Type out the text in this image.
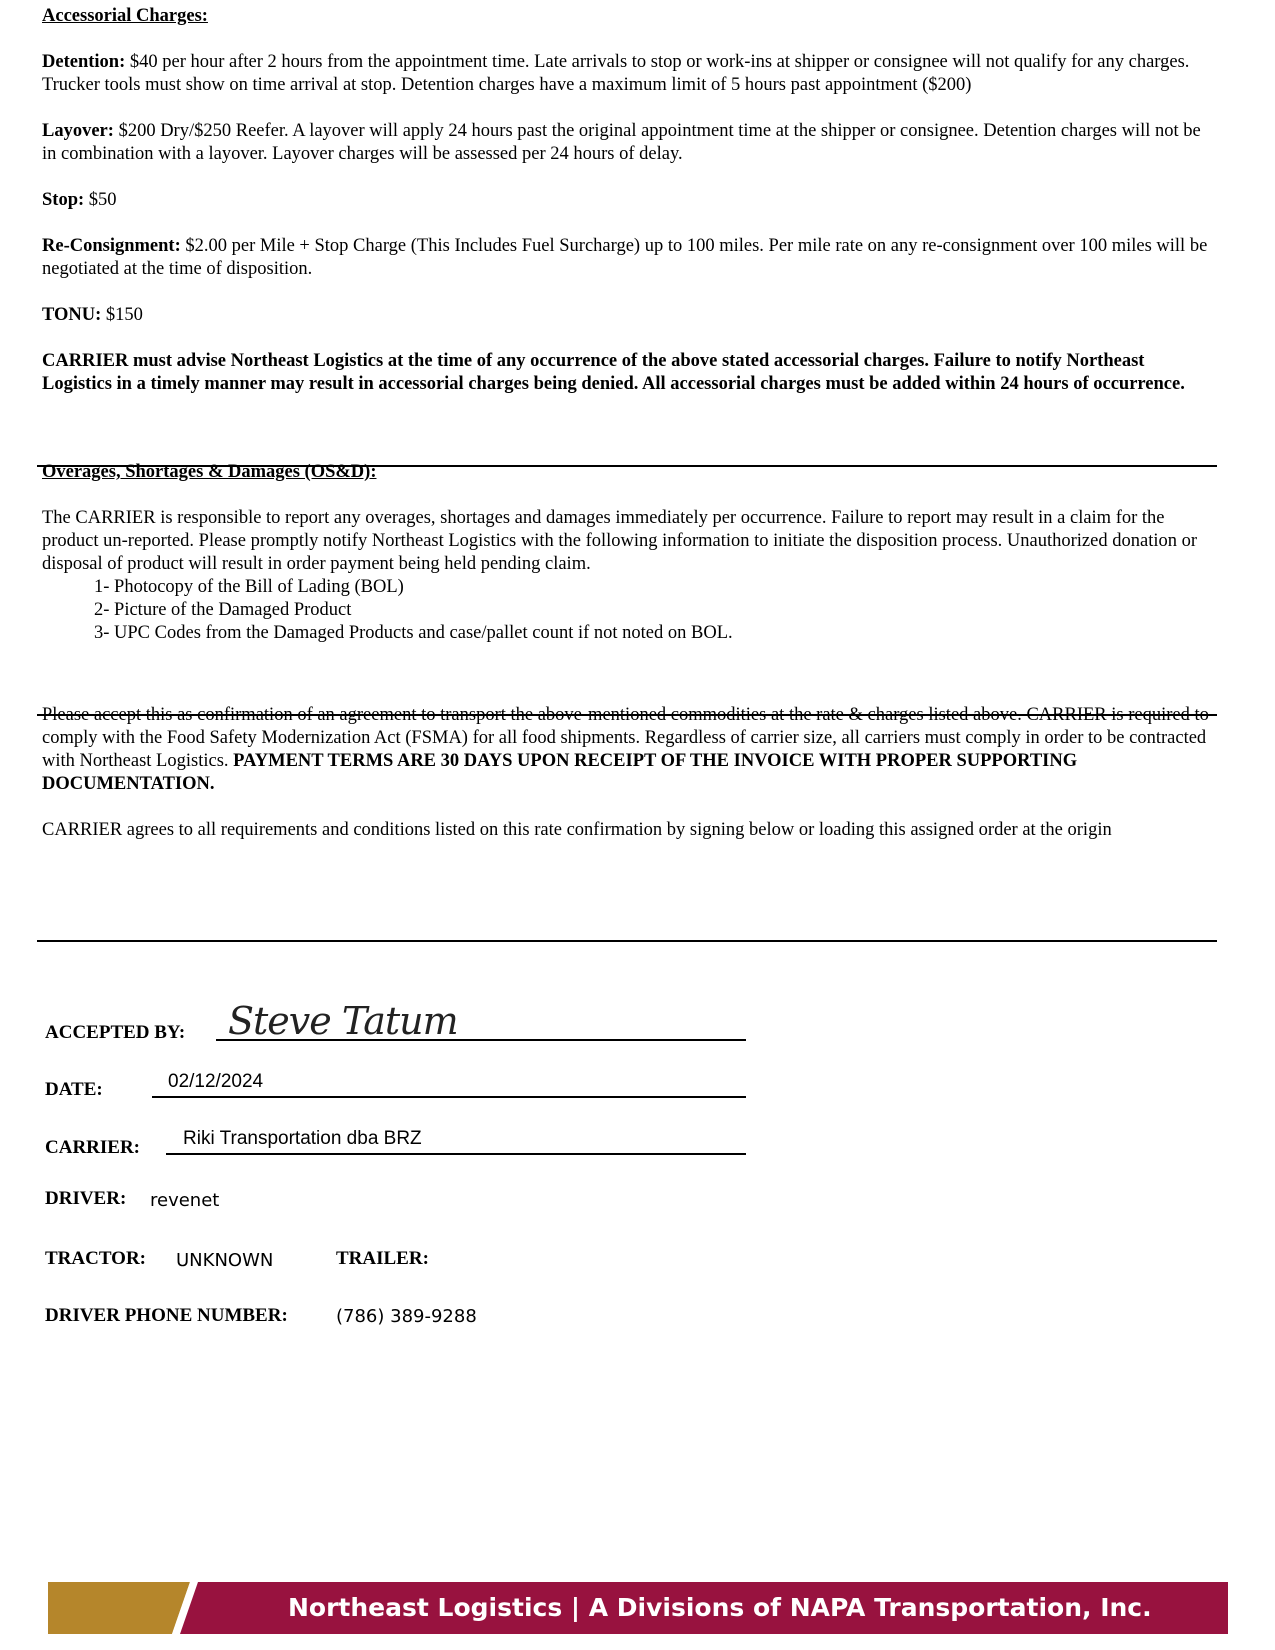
Accessorial Charges:

Detention: $40 per hour after 2 hours from the appointment time. Late arrivals to stop or work-ins at shipper or consignee will not qualify for any charges. Trucker tools must show on time arrival at stop. Detention charges have a maximum limit of 5 hours past appointment ($200)

Layover: $200 Dry/$250 Reefer. A layover will apply 24 hours past the original appointment time at the shipper or consignee. Detention charges will not be in combination with a layover. Layover charges will be assessed per 24 hours of delay.

Stop: $50

Re-Consignment: $2.00 per Mile + Stop Charge (This Includes Fuel Surcharge) up to 100 miles. Per mile rate on any re-consignment over 100 miles will be negotiated at the time of disposition.

TONU: $150

CARRIER must advise Northeast Logistics at the time of any occurrence of the above stated accessorial charges. Failure to notify Northeast Logistics in a timely manner may result in accessorial charges being denied. All accessorial charges must be added within 24 hours of occurrence.

Overages, Shortages & Damages (OS&D):

The CARRIER is responsible to report any overages, shortages and damages immediately per occurrence. Failure to report may result in a claim for the product un-reported. Please promptly notify Northeast Logistics with the following information to initiate the disposition process. Unauthorized donation or disposal of product will result in order payment being held pending claim.

1- Photocopy of the Bill of Lading (BOL)
2- Picture of the Damaged Product
3- UPC Codes from the Damaged Products and case/pallet count if not noted on BOL.

Please accept this as confirmation of an agreement to transport the above-mentioned commodities at the rate & charges listed above. CARRIER is required to comply with the Food Safety Modernization Act (FSMA) for all food shipments. Regardless of carrier size, all carriers must comply in order to be contracted with Northeast Logistics. PAYMENT TERMS ARE 30 DAYS UPON RECEIPT OF THE INVOICE WITH PROPER SUPPORTING DOCUMENTATION.

CARRIER agrees to all requirements and conditions listed on this rate confirmation by signing below or loading this assigned order at the origin

ACCEPTED BY: Steve Tatum
DATE:	02/12/2024
CARRIER: Riki Transportation dba BRZ
DRIVER: revenet
TRACTOR: UNKNOWN	TRAILER:
DRIVER PHONE NUMBER:	(786) 389-9288
Northeast Logistics | A Divisions of NAPA Transportation, Inc.
